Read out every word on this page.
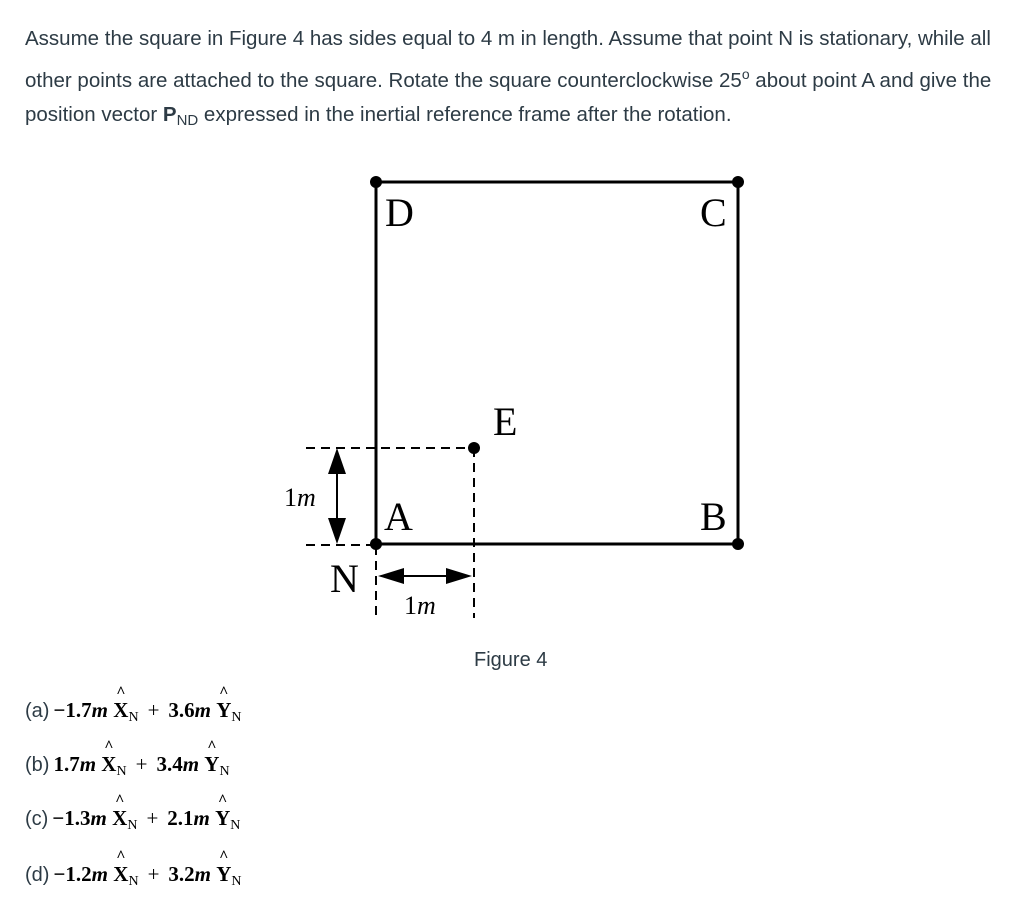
Assume the square in Figure 4 has sides equal to 4 m in length. Assume that point N is stationary, while all other points are attached to the square. Rotate the square counterclockwise 25$^o$ about point A and give the position vector $P_{ND}$ expressed in the inertial reference frame after the rotation.

D	C
B
A
E
N
1m
1m

Figure 4

(a) −1.7m ^ $X_N + 3.6m$ ^ $Y_N$
(b) 1.7m ^ $X_N + 3.4m$ ^ $Y_N$
(c) −1.3m ^ $X_N + 2.1m$ ^ $Y_N$
(d) −1.2m ^ $X_N + 3.2m$ ^ $Y_N$
